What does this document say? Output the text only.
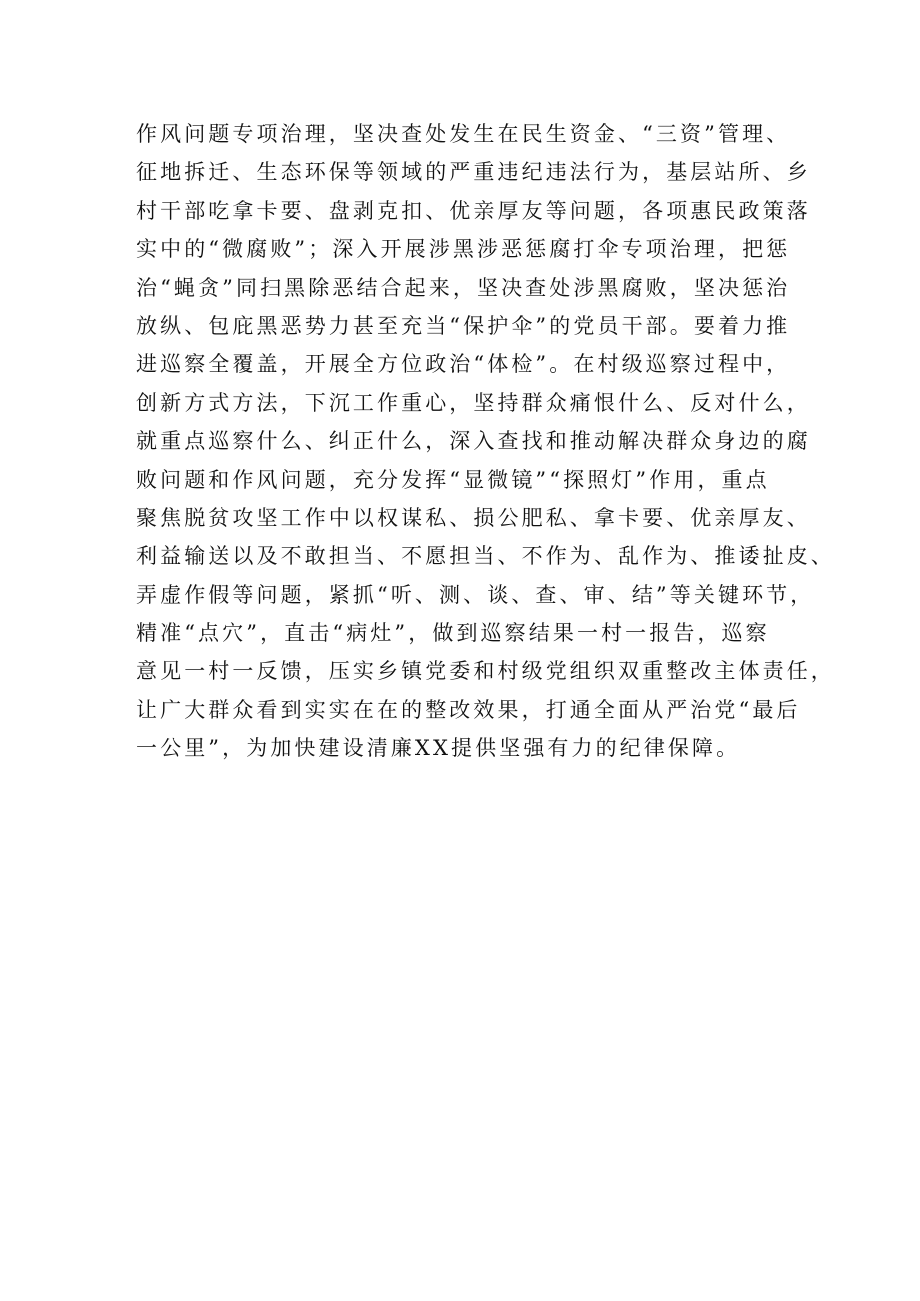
作风问题专项治理，坚决查处发生在民生资金、“三资”管理、
征地拆迁、生态环保等领域的严重违纪违法行为，基层站所、乡
村干部吃拿卡要、盘剥克扣、优亲厚友等问题，各项惠民政策落
实中的“微腐败”；深入开展涉黑涉恶惩腐打伞专项治理，把惩
治“蝇贪”同扫黑除恶结合起来，坚决查处涉黑腐败，坚决惩治
放纵、包庇黑恶势力甚至充当“保护伞”的党员干部。要着力推
进巡察全覆盖，开展全方位政治“体检”。在村级巡察过程中，
创新方式方法，下沉工作重心，坚持群众痛恨什么、反对什么，
就重点巡察什么、纠正什么，深入查找和推动解决群众身边的腐
败问题和作风问题，充分发挥“显微镜”“探照灯”作用，重点
聚焦脱贫攻坚工作中以权谋私、损公肥私、拿卡要、优亲厚友、
利益输送以及不敢担当、不愿担当、不作为、乱作为、推诿扯皮、
弄虚作假等问题，紧抓“听、测、谈、查、审、结”等关键环节，
精准“点穴”，直击“病灶”，做到巡察结果一村一报告，巡察
意见一村一反馈，压实乡镇党委和村级党组织双重整改主体责任，
让广大群众看到实实在在的整改效果，打通全面从严治党“最后
一公里”，为加快建设清廉XX提供坚强有力的纪律保障。
